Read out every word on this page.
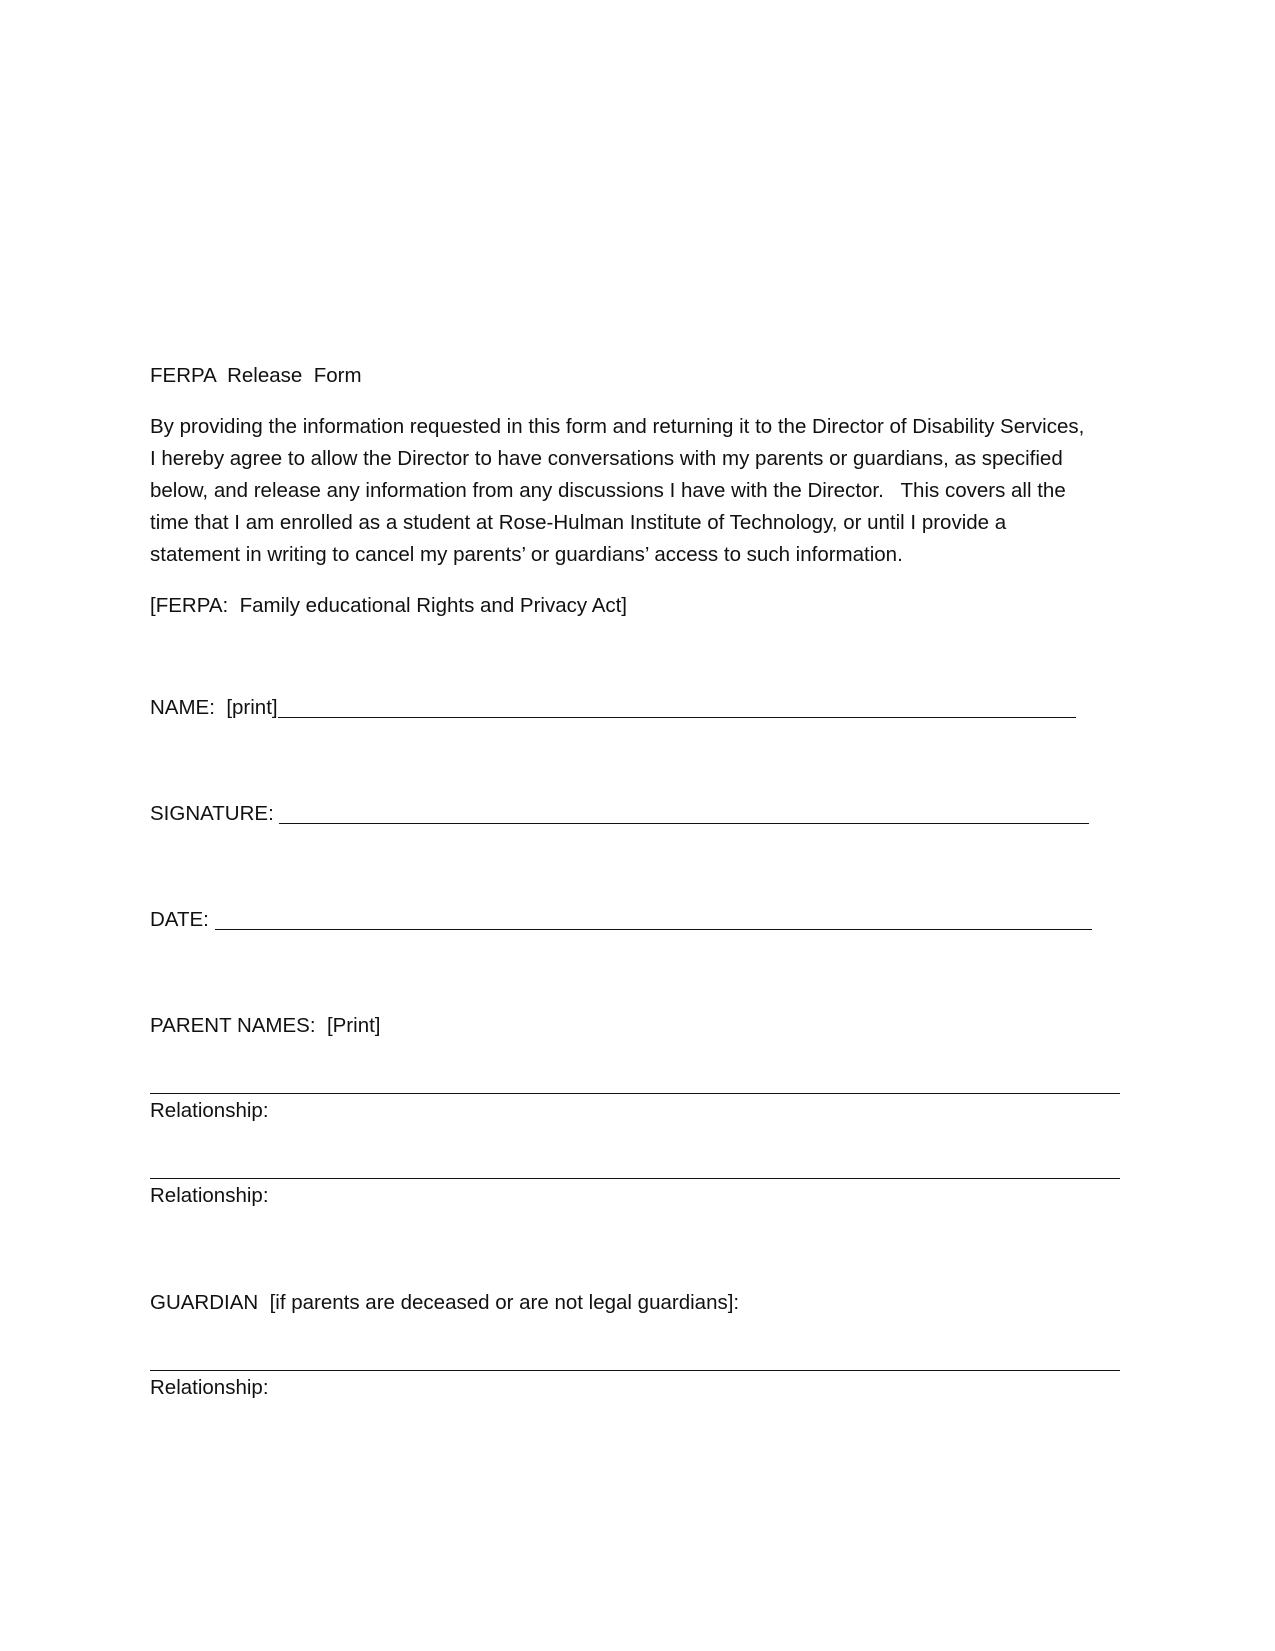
FERPA  Release  Form
By providing the information requested in this form and returning it to the Director of Disability Services,
I hereby agree to allow the Director to have conversations with my parents or guardians, as specified
below, and release any information from any discussions I have with the Director.   This covers all the
time that I am enrolled as a student at Rose-Hulman Institute of Technology, or until I provide a
statement in writing to cancel my parents’ or guardians’ access to such information.
[FERPA:  Family educational Rights and Privacy Act]
NAME:  [print]
SIGNATURE:
DATE:
PARENT NAMES:  [Print]
Relationship:
Relationship:
GUARDIAN  [if parents are deceased or are not legal guardians]:
Relationship:
